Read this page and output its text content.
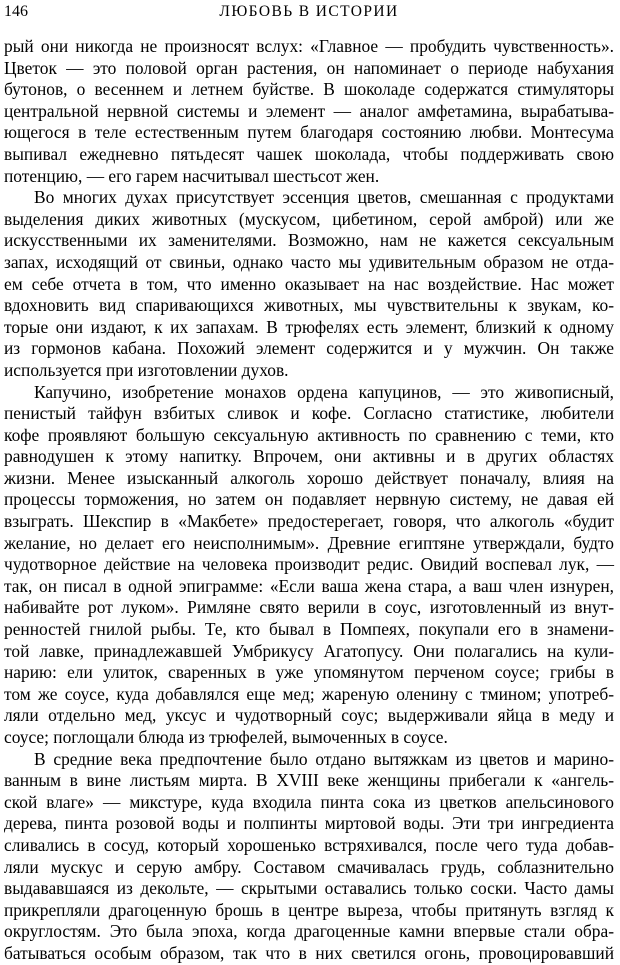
146	ЛЮБОВЬ В ИСТОРИИ
рый они никогда не произносят вслух: «Главное — пробудить чувственность».
Цветок — это половой орган растения, он напоминает о периоде набухания
бутонов, о весеннем и летнем буйстве. В шоколаде содержатся стимуляторы
центральной нервной системы и элемент — аналог амфетамина, вырабатыва-
ющегося в теле естественным путем благодаря состоянию любви. Монтесума
выпивал ежедневно пятьдесят чашек шоколада, чтобы поддерживать свою
потенцию, — его гарем насчитывал шестьсот жен.
Во многих духах присутствует эссенция цветов, смешанная с продуктами
выделения диких животных (мускусом, цибетином, серой амброй) или же
искусственными их заменителями. Возможно, нам не кажется сексуальным
запах, исходящий от свиньи, однако часто мы удивительным образом не отда-
ем себе отчета в том, что именно оказывает на нас воздействие. Нас может
вдохновить вид спаривающихся животных, мы чувствительны к звукам, ко-
торые они издают, к их запахам. В трюфелях есть элемент, близкий к одному
из гормонов кабана. Похожий элемент содержится и у мужчин. Он также
используется при изготовлении духов.
Капучино, изобретение монахов ордена капуцинов, — это живописный,
пенистый тайфун взбитых сливок и кофе. Согласно статистике, любители
кофе проявляют большую сексуальную активность по сравнению с теми, кто
равнодушен к этому напитку. Впрочем, они активны и в других областях
жизни. Менее изысканный алкоголь хорошо действует поначалу, влияя на
процессы торможения, но затем он подавляет нервную систему, не давая ей
взыграть. Шекспир в «Макбете» предостерегает, говоря, что алкоголь «будит
желание, но делает его неисполнимым». Древние египтяне утверждали, будто
чудотворное действие на человека производит редис. Овидий воспевал лук, —
так, он писал в одной эпиграмме: «Если ваша жена стара, а ваш член изнурен,
набивайте рот луком». Римляне свято верили в соус, изготовленный из внут-
ренностей гнилой рыбы. Те, кто бывал в Помпеях, покупали его в знамени-
той лавке, принадлежавшей Умбрикусу Агатопусу. Они полагались на кули-
нарию: ели улиток, сваренных в уже упомянутом перченом соусе; грибы в
том же соусе, куда добавлялся еще мед; жареную оленину с тмином; употреб-
ляли отдельно мед, уксус и чудотворный соус; выдерживали яйца в меду и
соусе; поглощали блюда из трюфелей, вымоченных в соусе.
В средние века предпочтение было отдано вытяжкам из цветов и марино-
ванным в вине листьям мирта. В XVIII веке женщины прибегали к «ангель-
ской влаге» — микстуре, куда входила пинта сока из цветков апельсинового
дерева, пинта розовой воды и полпинты миртовой воды. Эти три ингредиента
сливались в сосуд, который хорошенько встряхивался, после чего туда добав-
ляли мускус и серую амбру. Составом смачивалась грудь, соблазнительно
выдававшаяся из декольте, — скрытыми оставались только соски. Часто дамы
прикрепляли драгоценную брошь в центре выреза, чтобы притянуть взгляд к
округлостям. Это была эпоха, когда драгоценные камни впервые стали обра-
батываться особым образом, так что в них светился огонь, провоцировавший
